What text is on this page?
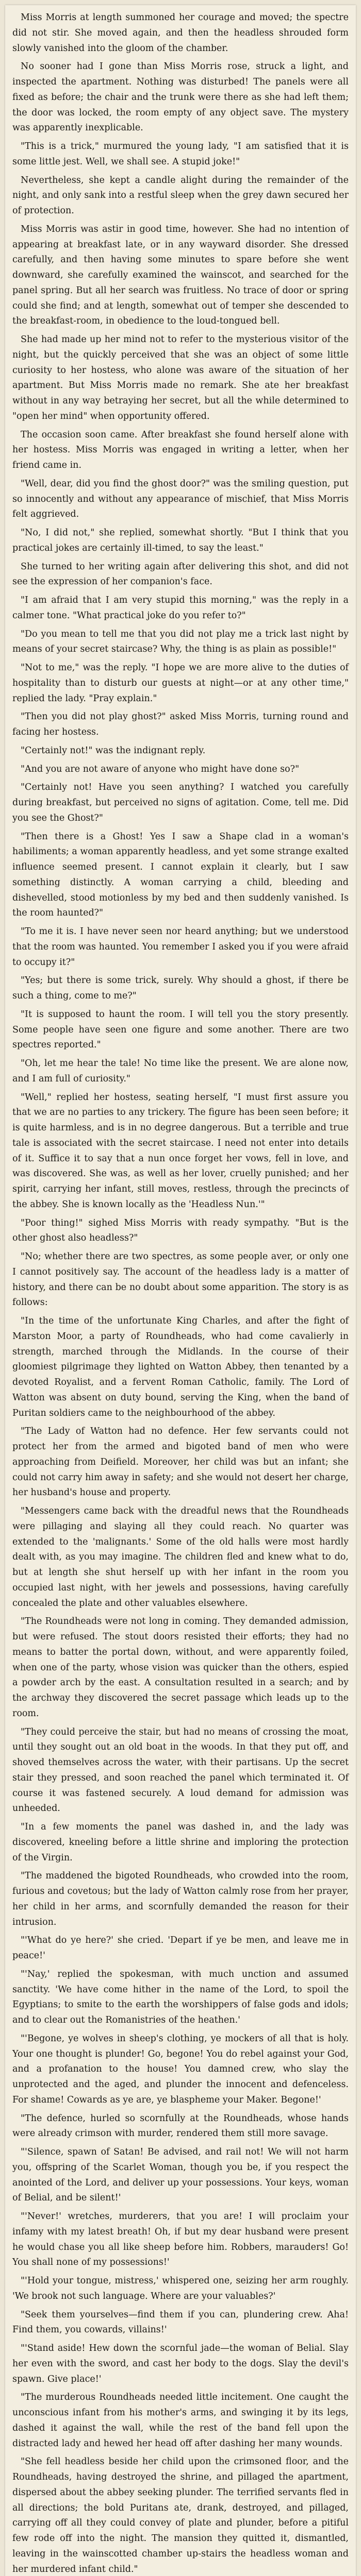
Miss Morris at length summoned her courage and moved; the spectre did not stir. She moved again, and then the headless shrouded form slowly vanished into the gloom of the chamber.

No sooner had I gone than Miss Morris rose, struck a light, and inspected the apartment. Nothing was disturbed! The panels were all fixed as before; the chair and the trunk were there as she had left them; the door was locked, the room empty of any object save. The mystery was apparently inexplicable.

"This is a trick," murmured the young lady, "I am satisfied that it is some little jest. Well, we shall see. A stupid joke!"

Nevertheless, she kept a candle alight during the remainder of the night, and only sank into a restful sleep when the grey dawn secured her of protection.

Miss Morris was astir in good time, however. She had no intention of appearing at breakfast late, or in any wayward disorder. She dressed carefully, and then having some minutes to spare before she went downward, she carefully examined the wainscot, and searched for the panel spring. But all her search was fruitless. No trace of door or spring could she find; and at length, somewhat out of temper she descended to the breakfast-room, in obedience to the loud-tongued bell.

She had made up her mind not to refer to the mysterious visitor of the night, but the quickly perceived that she was an object of some little curiosity to her hostess, who alone was aware of the situation of her apartment. But Miss Morris made no remark. She ate her breakfast without in any way betraying her secret, but all the while determined to "open her mind" when opportunity offered.

The occasion soon came. After breakfast she found herself alone with her hostess. Miss Morris was engaged in writing a letter, when her friend came in.

"Well, dear, did you find the ghost door?" was the smiling question, put so innocently and without any appearance of mischief, that Miss Morris felt aggrieved.

"No, I did not," she replied, somewhat shortly. "But I think that you practical jokes are certainly ill-timed, to say the least."

She turned to her writing again after delivering this shot, and did not see the expression of her companion's face.

"I am afraid that I am very stupid this morning," was the reply in a calmer tone. "What practical joke do you refer to?"

"Do you mean to tell me that you did not play me a trick last night by means of your secret staircase? Why, the thing is as plain as possible!"

"Not to me," was the reply. "I hope we are more alive to the duties of hospitality than to disturb our guests at night—or at any other time," replied the lady. "Pray explain."

"Then you did not play ghost?" asked Miss Morris, turning round and facing her hostess.

"Certainly not!" was the indignant reply.

"And you are not aware of anyone who might have done so?"

"Certainly not! Have you seen anything? I watched you carefully during breakfast, but perceived no signs of agitation. Come, tell me. Did you see the Ghost?"

"Then there is a Ghost! Yes I saw a Shape clad in a woman's habiliments; a woman apparently headless, and yet some strange exalted influence seemed present. I cannot explain it clearly, but I saw something distinctly. A woman carrying a child, bleeding and dishevelled, stood motionless by my bed and then suddenly vanished. Is the room haunted?"

"To me it is. I have never seen nor heard anything; but we understood that the room was haunted. You remember I asked you if you were afraid to occupy it?"

"Yes; but there is some trick, surely. Why should a ghost, if there be such a thing, come to me?"

"It is supposed to haunt the room. I will tell you the story presently. Some people have seen one figure and some another. There are two spectres reported."

"Oh, let me hear the tale! No time like the present. We are alone now, and I am full of curiosity."

"Well," replied her hostess, seating herself, "I must first assure you that we are no parties to any trickery. The figure has been seen before; it is quite harmless, and is in no degree dangerous. But a terrible and true tale is associated with the secret staircase. I need not enter into details of it. Suffice it to say that a nun once forget her vows, fell in love, and was discovered. She was, as well as her lover, cruelly punished; and her spirit, carrying her infant, still moves, restless, through the precincts of the abbey. She is known locally as the 'Headless Nun.'"

"Poor thing!" sighed Miss Morris with ready sympathy. "But is the other ghost also headless?"

"No; whether there are two spectres, as some people aver, or only one I cannot positively say. The account of the headless lady is a matter of history, and there can be no doubt about some apparition. The story is as follows:

"In the time of the unfortunate King Charles, and after the fight of Marston Moor, a party of Roundheads, who had come cavalierly in strength, marched through the Midlands. In the course of their gloomiest pilgrimage they lighted on Watton Abbey, then tenanted by a devoted Royalist, and a fervent Roman Catholic, family. The Lord of Watton was absent on duty bound, serving the King, when the band of Puritan soldiers came to the neighbourhood of the abbey.

"The Lady of Watton had no defence. Her few servants could not protect her from the armed and bigoted band of men who were approaching from Deifield. Moreover, her child was but an infant; she could not carry him away in safety; and she would not desert her charge, her husband's house and property.

"Messengers came back with the dreadful news that the Roundheads were pillaging and slaying all they could reach. No quarter was extended to the 'malignants.' Some of the old halls were most hardly dealt with, as you may imagine. The children fled and knew what to do, but at length she shut herself up with her infant in the room you occupied last night, with her jewels and possessions, having carefully concealed the plate and other valuables elsewhere.

"The Roundheads were not long in coming. They demanded admission, but were refused. The stout doors resisted their efforts; they had no means to batter the portal down, without, and were apparently foiled, when one of the party, whose vision was quicker than the others, espied a powder arch by the east. A consultation resulted in a search; and by the archway they discovered the secret passage which leads up to the room.

"They could perceive the stair, but had no means of crossing the moat, until they sought out an old boat in the woods. In that they put off, and shoved themselves across the water, with their partisans. Up the secret stair they pressed, and soon reached the panel which terminated it. Of course it was fastened securely. A loud demand for admission was unheeded.

"In a few moments the panel was dashed in, and the lady was discovered, kneeling before a little shrine and imploring the protection of the Virgin.

"The maddened the bigoted Roundheads, who crowded into the room, furious and covetous; but the lady of Watton calmly rose from her prayer, her child in her arms, and scornfully demanded the reason for their intrusion.

"'What do ye here?' she cried. 'Depart if ye be men, and leave me in peace!'

"'Nay,' replied the spokesman, with much unction and assumed sanctity. 'We have come hither in the name of the Lord, to spoil the Egyptians; to smite to the earth the worshippers of false gods and idols; and to clear out the Romanistries of the heathen.'

"'Begone, ye wolves in sheep's clothing, ye mockers of all that is holy. Your one thought is plunder! Go, begone! You do rebel against your God, and a profanation to the house! You damned crew, who slay the unprotected and the aged, and plunder the innocent and defenceless. For shame! Cowards as ye are, ye blaspheme your Maker. Begone!'

"The defence, hurled so scornfully at the Roundheads, whose hands were already crimson with murder, rendered them still more savage.

"'Silence, spawn of Satan! Be advised, and rail not! We will not harm you, offspring of the Scarlet Woman, though you be, if you respect the anointed of the Lord, and deliver up your possessions. Your keys, woman of Belial, and be silent!'

"'Never!' wretches, murderers, that you are! I will proclaim your infamy with my latest breath! Oh, if but my dear husband were present he would chase you all like sheep before him. Robbers, marauders! Go! You shall none of my possessions!'

"'Hold your tongue, mistress,' whispered one, seizing her arm roughly. 'We brook not such language. Where are your valuables?'

"Seek them yourselves—find them if you can, plundering crew. Aha! Find them, you cowards, villains!'

"'Stand aside! Hew down the scornful jade—the woman of Belial. Slay her even with the sword, and cast her body to the dogs. Slay the devil's spawn. Give place!'

"The murderous Roundheads needed little incitement. One caught the unconscious infant from his mother's arms, and swinging it by its legs, dashed it against the wall, while the rest of the band fell upon the distracted lady and hewed her head off after dashing her many wounds.

"She fell headless beside her child upon the crimsoned floor, and the Roundheads, having destroyed the shrine, and pillaged the apartment, dispersed about the abbey seeking plunder. The terrified servants fled in all directions; the bold Puritans ate, drank, destroyed, and pillaged, carrying off all they could convey of plate and plunder, before a pitiful few rode off into the night. The mansion they quitted it, dismantled, leaving in the wainscotted chamber up-stairs the headless woman and her murdered infant child."
